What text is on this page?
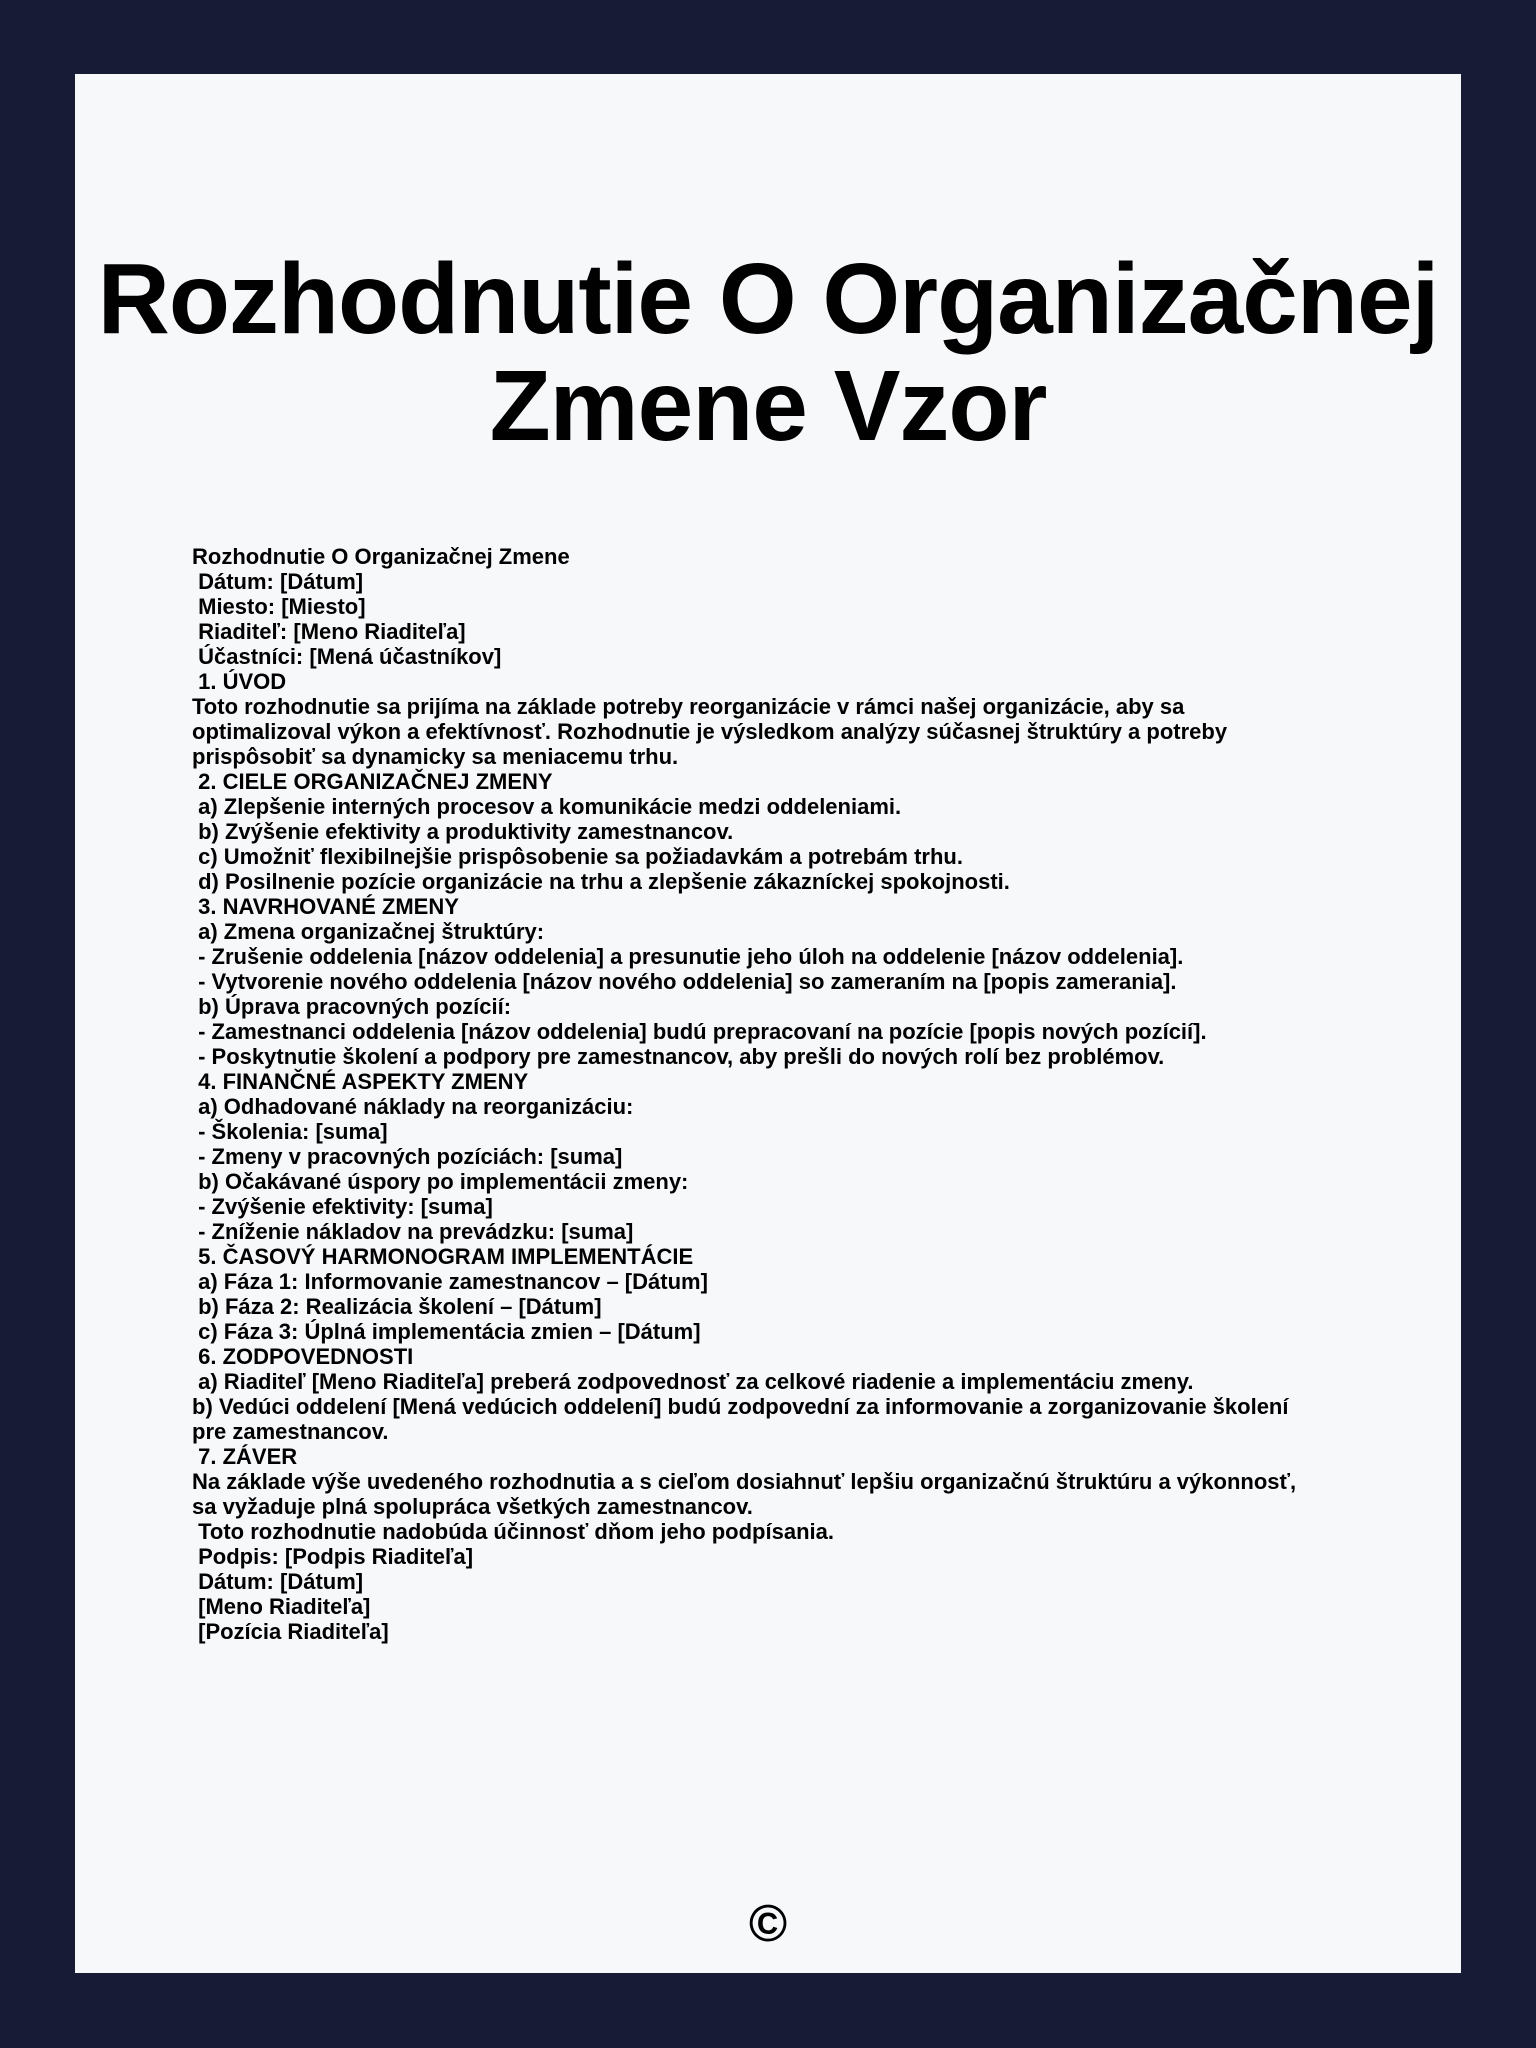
Rozhodnutie O Organizačnej
Zmene Vzor
Rozhodnutie O Organizačnej Zmene
Dátum: [Dátum]
Miesto: [Miesto]
Riaditeľ: [Meno Riaditeľa]
Účastníci: [Mená účastníkov]
1. ÚVOD
Toto rozhodnutie sa prijíma na základe potreby reorganizácie v rámci našej organizácie, aby sa
optimalizoval výkon a efektívnosť. Rozhodnutie je výsledkom analýzy súčasnej štruktúry a potreby
prispôsobiť sa dynamicky sa meniacemu trhu.
2. CIELE ORGANIZAČNEJ ZMENY
a) Zlepšenie interných procesov a komunikácie medzi oddeleniami.
b) Zvýšenie efektivity a produktivity zamestnancov.
c) Umožniť flexibilnejšie prispôsobenie sa požiadavkám a potrebám trhu.
d) Posilnenie pozície organizácie na trhu a zlepšenie zákazníckej spokojnosti.
3. NAVRHOVANÉ ZMENY
a) Zmena organizačnej štruktúry:
- Zrušenie oddelenia [názov oddelenia] a presunutie jeho úloh na oddelenie [názov oddelenia].
- Vytvorenie nového oddelenia [názov nového oddelenia] so zameraním na [popis zamerania].
b) Úprava pracovných pozícií:
- Zamestnanci oddelenia [názov oddelenia] budú prepracovaní na pozície [popis nových pozícií].
- Poskytnutie školení a podpory pre zamestnancov, aby prešli do nových rolí bez problémov.
4. FINANČNÉ ASPEKTY ZMENY
a) Odhadované náklady na reorganizáciu:
- Školenia: [suma]
- Zmeny v pracovných pozíciách: [suma]
b) Očakávané úspory po implementácii zmeny:
- Zvýšenie efektivity: [suma]
- Zníženie nákladov na prevádzku: [suma]
5. ČASOVÝ HARMONOGRAM IMPLEMENTÁCIE
a) Fáza 1: Informovanie zamestnancov – [Dátum]
b) Fáza 2: Realizácia školení – [Dátum]
c) Fáza 3: Úplná implementácia zmien – [Dátum]
6. ZODPOVEDNOSTI
a) Riaditeľ [Meno Riaditeľa] preberá zodpovednosť za celkové riadenie a implementáciu zmeny.
b) Vedúci oddelení [Mená vedúcich oddelení] budú zodpovední za informovanie a zorganizovanie školení
pre zamestnancov.
7. ZÁVER
Na základe výše uvedeného rozhodnutia a s cieľom dosiahnuť lepšiu organizačnú štruktúru a výkonnosť,
sa vyžaduje plná spolupráca všetkých zamestnancov.
Toto rozhodnutie nadobúda účinnosť dňom jeho podpísania.
Podpis: [Podpis Riaditeľa]
Dátum: [Dátum]
[Meno Riaditeľa]
[Pozícia Riaditeľa]
©
